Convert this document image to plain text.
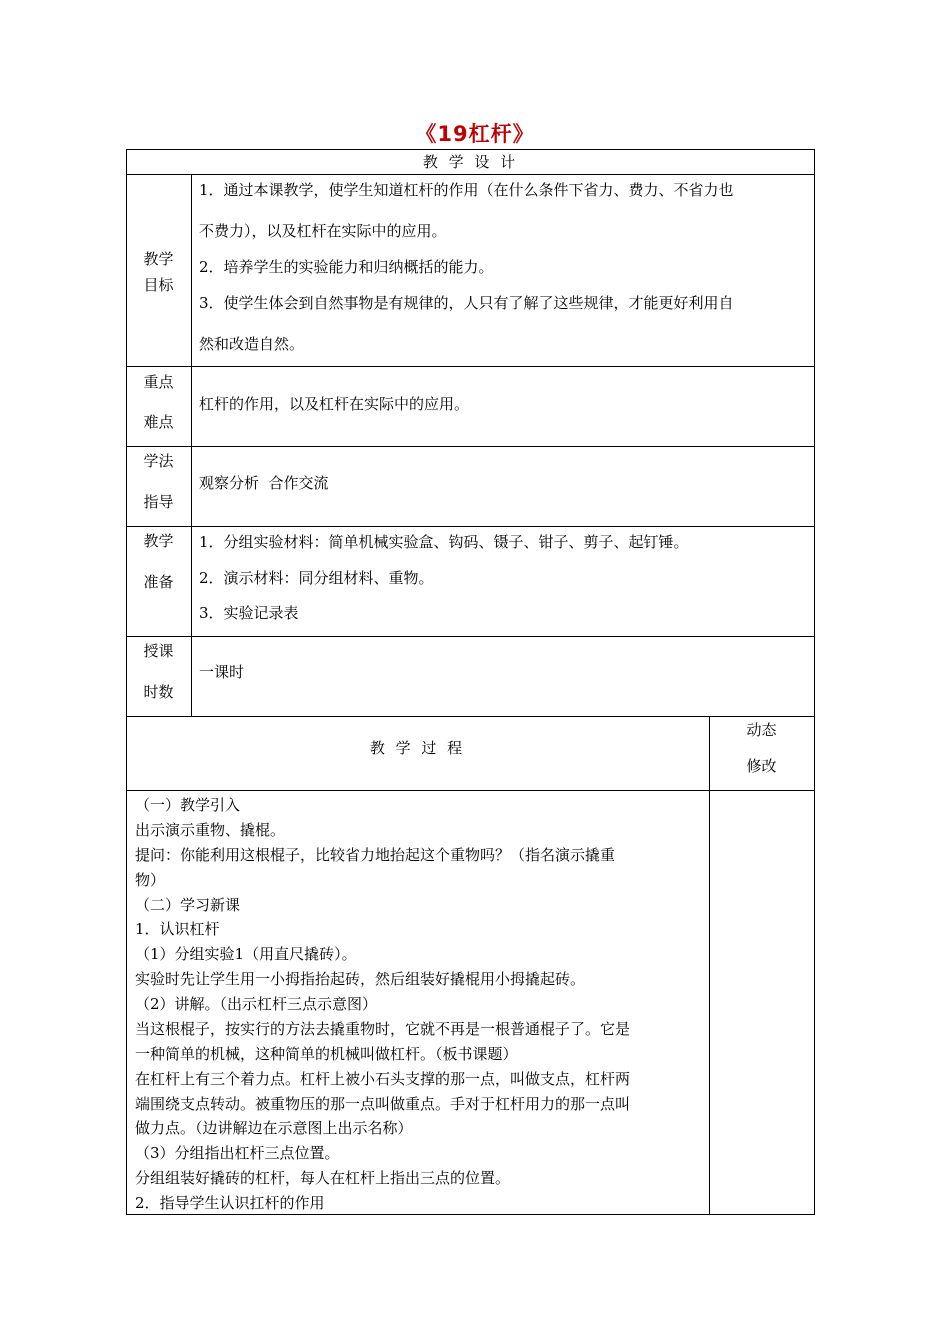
《19杠杆》
教 学 设 计
教学
目标
1．通过本课教学，使学生知道杠杆的作用（在什么条件下省力、费力、不省力也
不费力），以及杠杆在实际中的应用。
2．培养学生的实验能力和归纳概括的能力。
3．使学生体会到自然事物是有规律的，人只有了解了这些规律，才能更好利用自
然和改造自然。
重点
难点
杠杆的作用，以及杠杆在实际中的应用。
学法
指导
观察分析  合作交流
教学
准备
1．分组实验材料：简单机械实验盒、钩码、镊子、钳子、剪子、起钉锤。
2．演示材料：同分组材料、重物。
3．实验记录表
授课
时数
一课时
教 学 过 程
动态
修改
（一）教学引入
出示演示重物、撬棍。
提问：你能利用这根棍子，比较省力地抬起这个重物吗？（指名演示撬重
物）
（二）学习新课
1．认识杠杆
（1）分组实验1（用直尺撬砖）。
实验时先让学生用一小拇指抬起砖，然后组装好撬棍用小拇撬起砖。
（2）讲解。（出示杠杆三点示意图）
当这根棍子，按实行的方法去撬重物时，它就不再是一根普通棍子了。它是
一种简单的机械，这种简单的机械叫做杠杆。（板书课题）
在杠杆上有三个着力点。杠杆上被小石头支撑的那一点，叫做支点，杠杆两
端围绕支点转动。被重物压的那一点叫做重点。手对于杠杆用力的那一点叫
做力点。（边讲解边在示意图上出示名称）
（3）分组指出杠杆三点位置。
分组组装好撬砖的杠杆，每人在杠杆上指出三点的位置。
2．指导学生认识扛杆的作用
